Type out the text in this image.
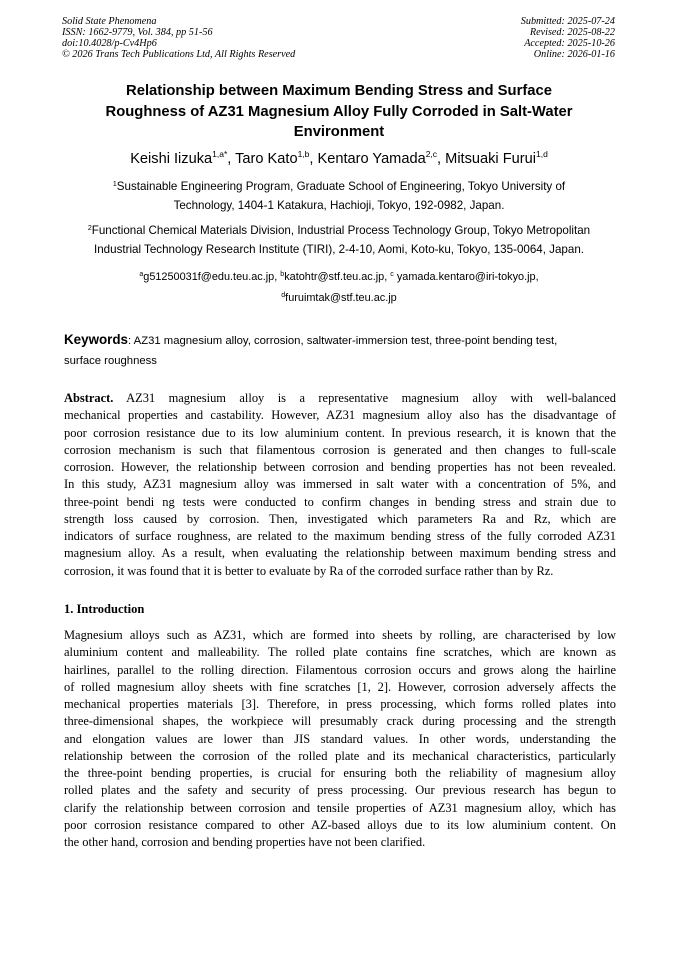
Solid State Phenomena
ISSN: 1662-9779, Vol. 384, pp 51-56
doi:10.4028/p-Cv4Hp6
© 2026 Trans Tech Publications Ltd, All Rights Reserved
Submitted: 2025-07-24
Revised: 2025-08-22
Accepted: 2025-10-26
Online: 2026-01-16
Relationship between Maximum Bending Stress and Surface
Roughness of AZ31 Magnesium Alloy Fully Corroded in Salt-Water
Environment
Keishi Iizuka$^{1,a*}$, Taro Kato$^{1,b}$, Kentaro Yamada$^{2,c}$, Mitsuaki Furui$^{1,d}$
$^1$Sustainable Engineering Program, Graduate School of Engineering, Tokyo University of
Technology, 1404-1 Katakura, Hachioji, Tokyo, 192-0982, Japan.
$^2$Functional Chemical Materials Division, Industrial Process Technology Group, Tokyo Metropolitan
Industrial Technology Research Institute (TIRI), 2-4-10, Aomi, Koto-ku, Tokyo, 135-0064, Japan.
$^a$g51250031f@edu.teu.ac.jp, $^b$katohtr@stf.teu.ac.jp, $^c$ yamada.kentaro@iri-tokyo.jp,
$^d$furuimtak@stf.teu.ac.jp
Keywords: AZ31 magnesium alloy, corrosion, saltwater-immersion test, three-point bending test,
surface roughness
Abstract. AZ31 magnesium alloy is a representative magnesium alloy with well-balanced
mechanical properties and castability. However, AZ31 magnesium alloy also has the disadvantage of
poor corrosion resistance due to its low aluminium content. In previous research, it is known that the
corrosion mechanism is such that filamentous corrosion is generated and then changes to full-scale
corrosion. However, the relationship between corrosion and bending properties has not been revealed.
In this study, AZ31 magnesium alloy was immersed in salt water with a concentration of 5%, and
three-point bendi ng tests were conducted to confirm changes in bending stress and strain due to
strength loss caused by corrosion. Then, investigated which parameters Ra and Rz, which are
indicators of surface roughness, are related to the maximum bending stress of the fully corroded AZ31
magnesium alloy. As a result, when evaluating the relationship between maximum bending stress and
corrosion, it was found that it is better to evaluate by Ra of the corroded surface rather than by Rz.
1. Introduction
Magnesium alloys such as AZ31, which are formed into sheets by rolling, are characterised by low
aluminium content and malleability. The rolled plate contains fine scratches, which are known as
hairlines, parallel to the rolling direction. Filamentous corrosion occurs and grows along the hairline
of rolled magnesium alloy sheets with fine scratches [1, 2]. However, corrosion adversely affects the
mechanical properties materials [3]. Therefore, in press processing, which forms rolled plates into
three-dimensional shapes, the workpiece will presumably crack during processing and the strength
and elongation values are lower than JIS standard values. In other words, understanding the
relationship between the corrosion of the rolled plate and its mechanical characteristics, particularly
the three-point bending properties, is crucial for ensuring both the reliability of magnesium alloy
rolled plates and the safety and security of press processing. Our previous research has begun to
clarify the relationship between corrosion and tensile properties of AZ31 magnesium alloy, which has
poor corrosion resistance compared to other AZ-based alloys due to its low aluminium content. On
the other hand, corrosion and bending properties have not been clarified.
